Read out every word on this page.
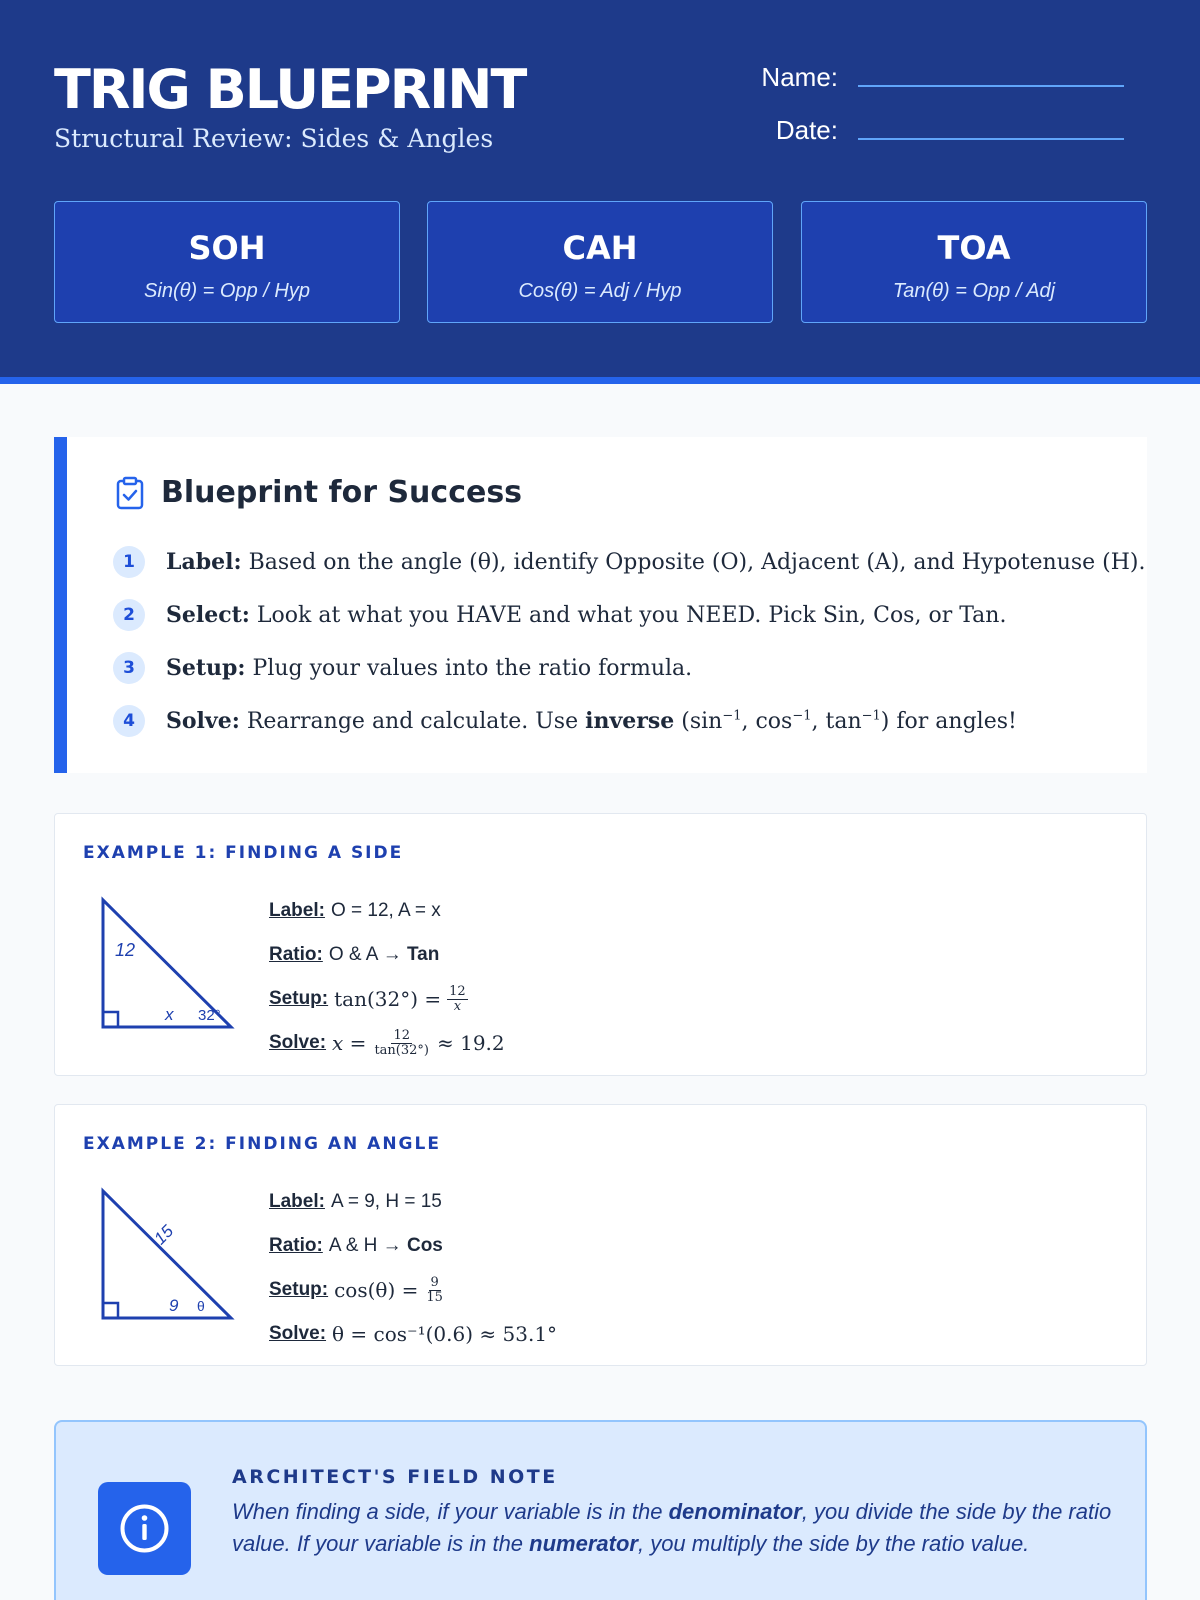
TRIG BLUEPRINT
Structural Review: Sides & Angles
Name:
Date:
SOH
Sin(θ) = Opp / Hyp
CAH
Cos(θ) = Adj / Hyp
TOA
Tan(θ) = Opp / Adj
Blueprint for Success
1	Label: Based on the angle (θ), identify Opposite (O), Adjacent (A), and Hypotenuse (H).
2	Select: Look at what you HAVE and what you NEED. Pick Sin, Cos, or Tan.
3	Setup: Plug your values into the ratio formula.
4	Solve: Rearrange and calculate. Use inverse ($\sin^{-1}$, $\cos^{-1}$, $\tan^{-1}$) for angles!
EXAMPLE 1: FINDING A SIDE
12
x 32°
Label: O = 12, A = x
Ratio: O & A →
Tan
Setup: $\tan(32^\circ) = \frac{12}{x}$
Solve: $x = \frac{12}{\tan(32^\circ)} \approx 19.2$
EXAMPLE 2: FINDING AN ANGLE
15
9 θ
Label: A = 9, H = 15
Ratio: A & H →
Cos
Setup: $\cos(\theta) = \frac{9}{15}$
Solve: θ = cos⁻¹(0.6) ≈ 53.1°
ARCHITECT'S FIELD NOTE
When finding a side, if your variable is in the denominator, you divide the side by the ratio value. If your variable is in the numerator, you multiply the side by the ratio value.
